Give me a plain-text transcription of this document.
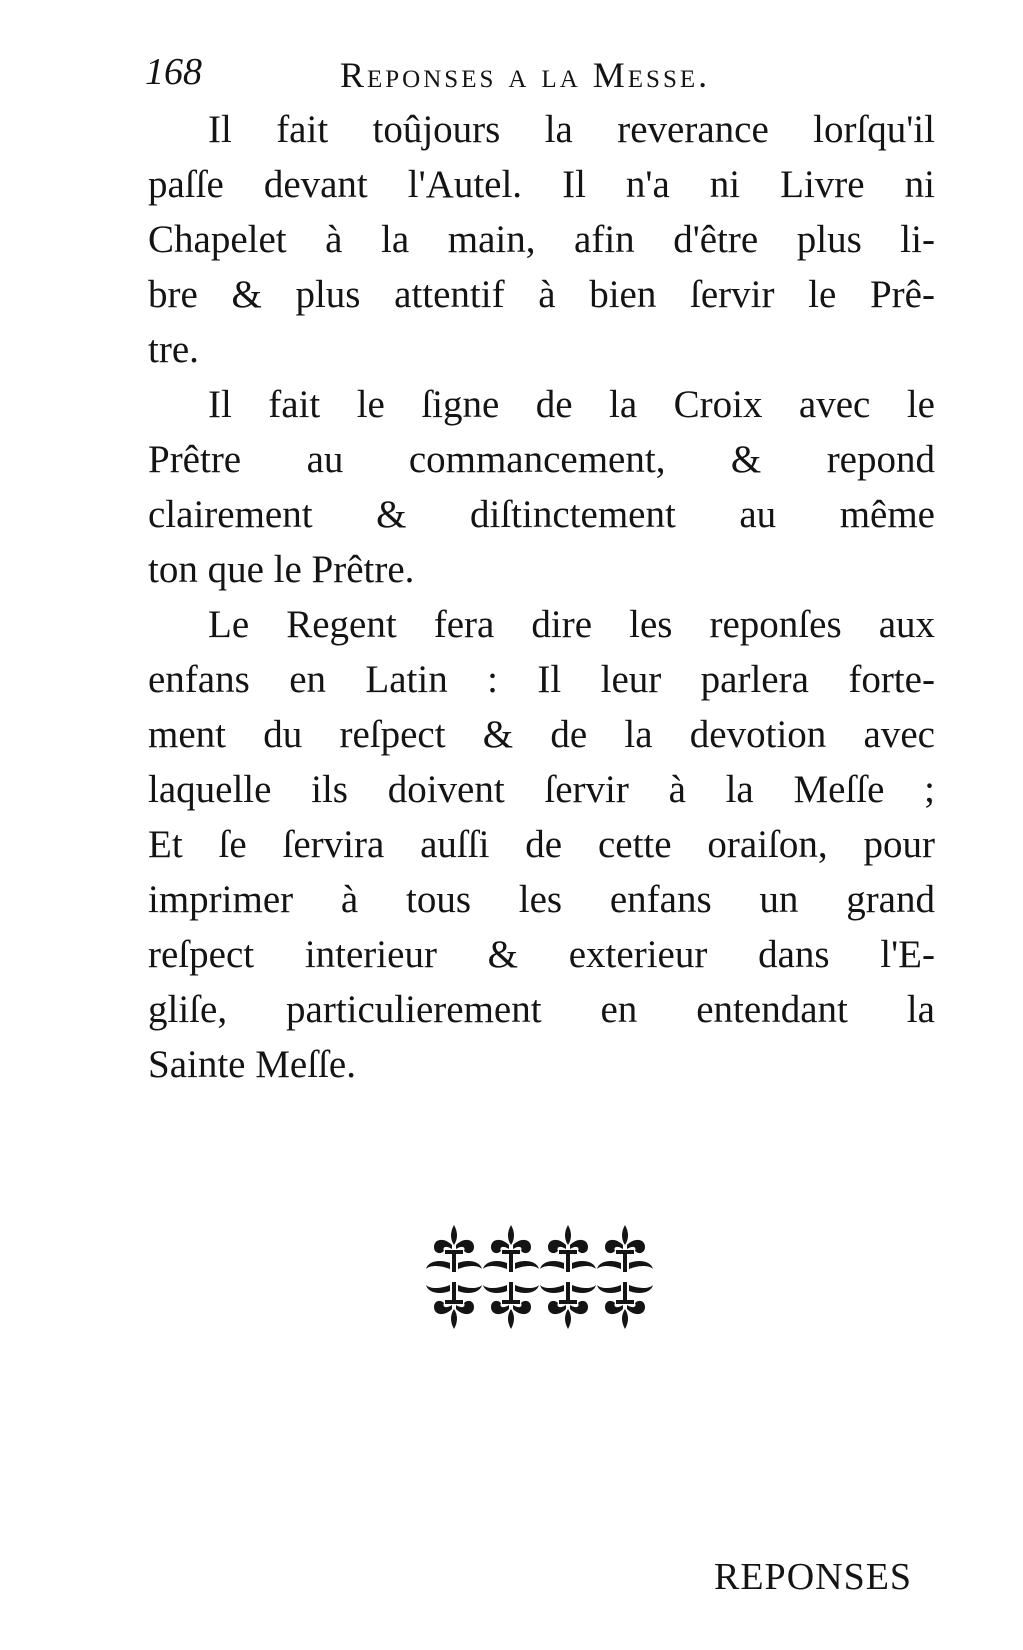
168	Reponses a la Messe.
Il fait toûjours la reverance lorſqu'il
paſſe devant l'Autel. Il n'a ni Livre ni
Chapelet à la main, afin d'être plus li-
bre & plus attentif à bien ſervir le Prê-
tre.
Il fait le ſigne de la Croix avec le
Prêtre au commancement, & repond
clairement & diſtinctement au même
ton que le Prêtre.
Le Regent fera dire les reponſes aux
enfans en Latin : Il leur parlera forte-
ment du reſpect & de la devotion avec
laquelle ils doivent ſervir à la Meſſe ;
Et ſe ſervira auſſi de cette oraiſon, pour
imprimer à tous les enfans un grand
reſpect interieur & exterieur dans l'E-
gliſe, particulierement en entendant la
Sainte Meſſe.
REPONSES
